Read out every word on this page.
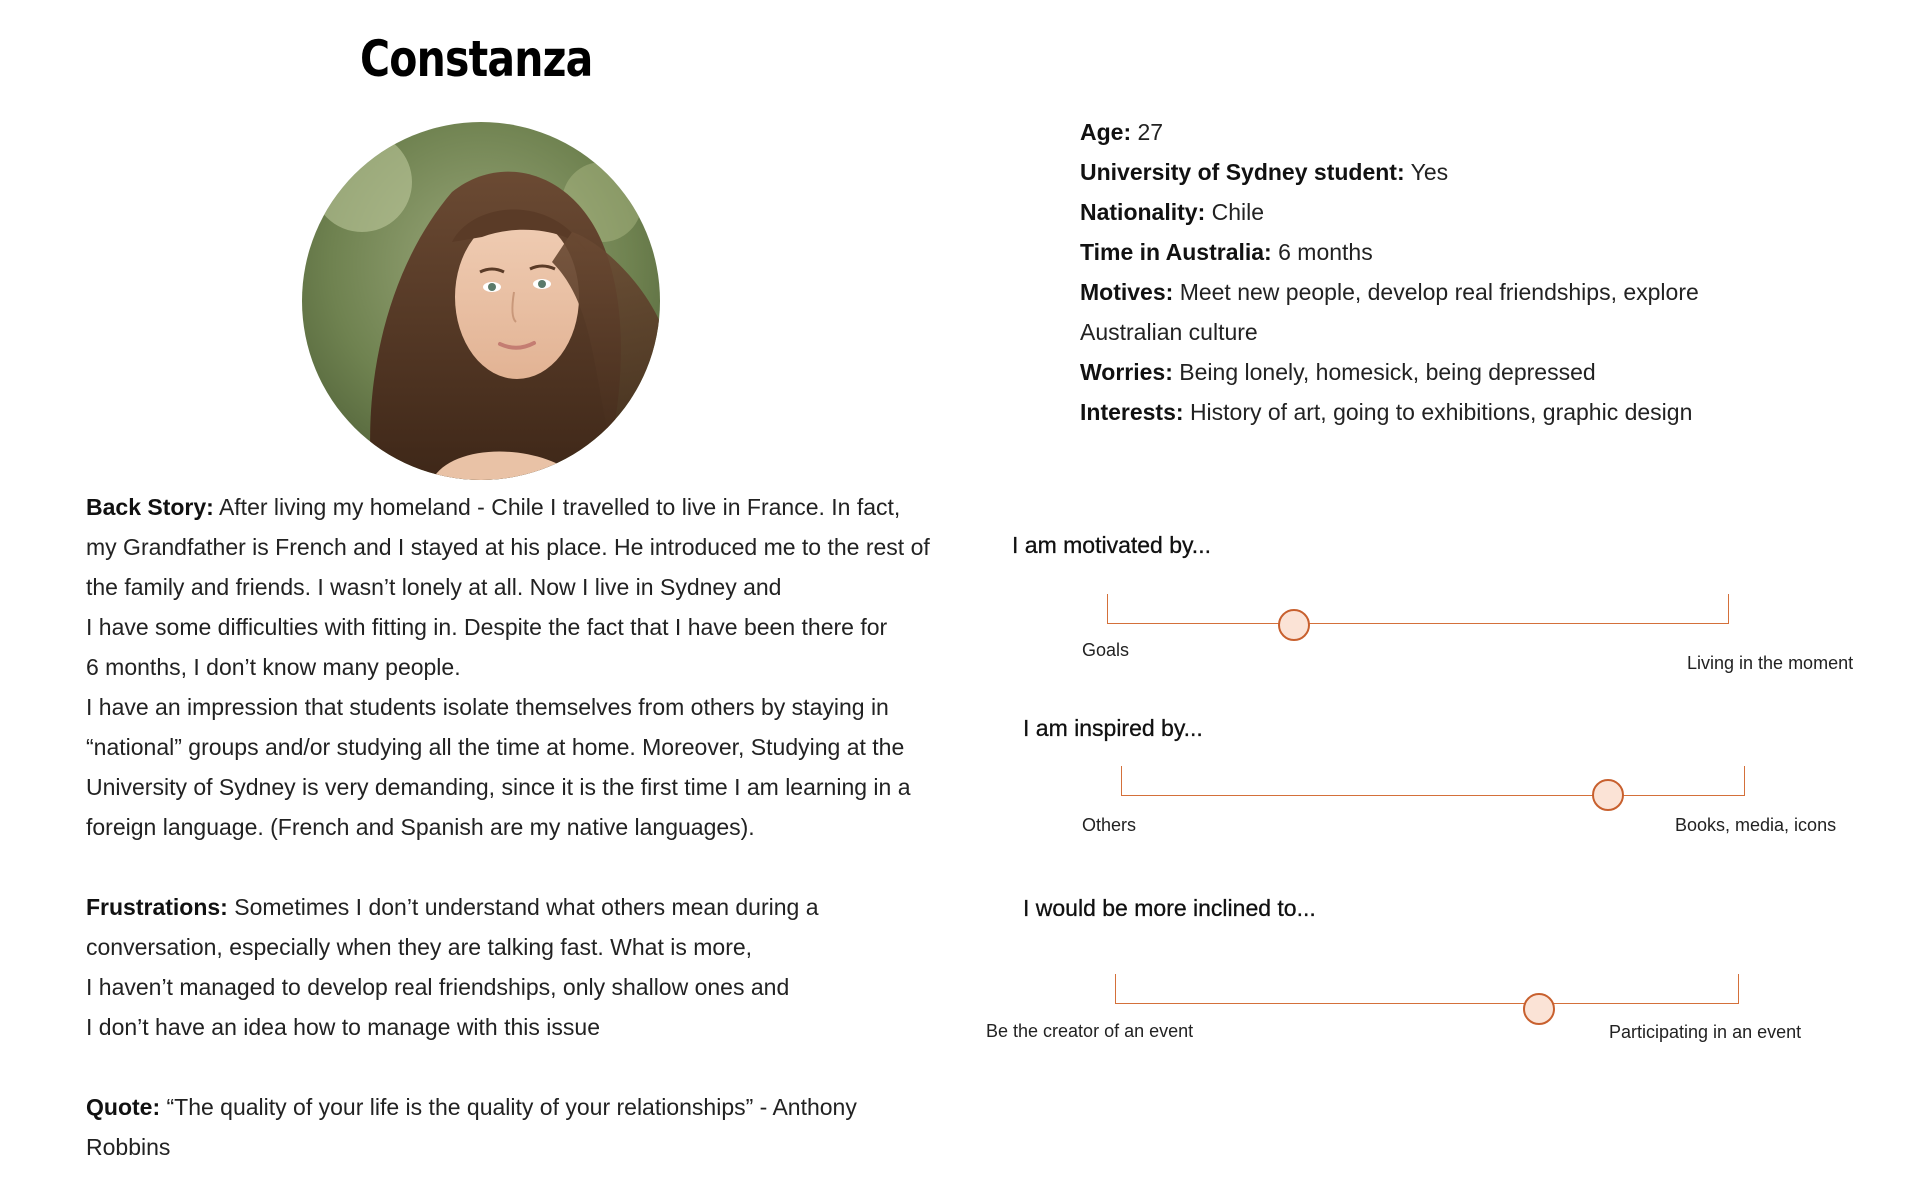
Constanza

Age: 27

University of Sydney student: Yes

Nationality: Chile

Time in Australia: 6 months

Motives: Meet new people, develop real friendships, explore

Australian culture

Worries: Being lonely, homesick, being depressed

Interests: History of art, going to exhibitions, graphic design

Back Story: After living my homeland - Chile I travelled to live in France. In fact,

my Grandfather is French and I stayed at his place. He introduced me to the rest of

the family and friends. I wasn’t lonely at all. Now I live in Sydney and

I have some difficulties with fitting in. Despite the fact that I have been there for

6 months, I don’t know many people.

I have an impression that students isolate themselves from others by staying in

“national” groups and/or studying all the time at home. Moreover, Studying at the

University of Sydney is very demanding, since it is the first time I am learning in a

foreign language. (French and Spanish are my native languages).

Frustrations: Sometimes I don’t understand what others mean during a

conversation, especially when they are talking fast. What is more,

I haven’t managed to develop real friendships, only shallow ones and

I don’t have an idea how to manage with this issue

Quote: “The quality of your life is the quality of your relationships” - Anthony

Robbins

I am motivated by...
Goals
Living in the moment
I am inspired by...
Others	Books, media, icons
I would be more inclined to...
Be the creator of an event	Participating in an event
